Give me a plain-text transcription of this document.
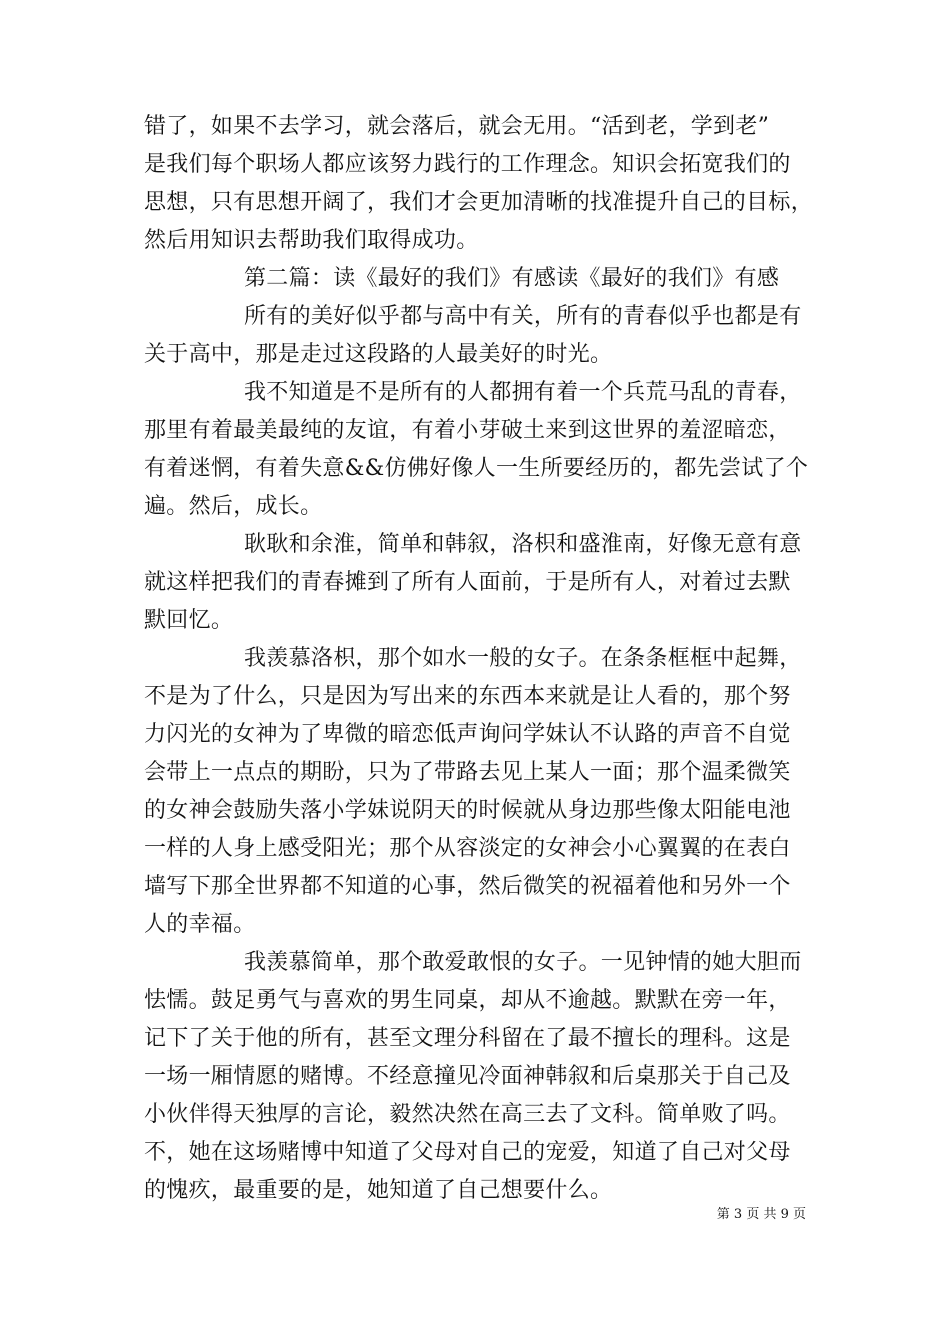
错了，如果不去学习，就会落后，就会无用。“活到老，学到老”
是我们每个职场人都应该努力践行的工作理念。知识会拓宽我们的
思想，只有思想开阔了，我们才会更加清晰的找准提升自己的目标，
然后用知识去帮助我们取得成功。
第二篇：读《最好的我们》有感读《最好的我们》有感
所有的美好似乎都与高中有关，所有的青春似乎也都是有
关于高中，那是走过这段路的人最美好的时光。
我不知道是不是所有的人都拥有着一个兵荒马乱的青春，
那里有着最美最纯的友谊，有着小芽破土来到这世界的羞涩暗恋，
有着迷惘，有着失意&&仿佛好像人一生所要经历的，都先尝试了个
遍。然后，成长。
耿耿和余淮，简单和韩叙，洛枳和盛淮南，好像无意有意
就这样把我们的青春摊到了所有人面前，于是所有人，对着过去默
默回忆。
我羡慕洛枳，那个如水一般的女子。在条条框框中起舞，
不是为了什么，只是因为写出来的东西本来就是让人看的，那个努
力闪光的女神为了卑微的暗恋低声询问学妹认不认路的声音不自觉
会带上一点点的期盼，只为了带路去见上某人一面；那个温柔微笑
的女神会鼓励失落小学妹说阴天的时候就从身边那些像太阳能电池
一样的人身上感受阳光；那个从容淡定的女神会小心翼翼的在表白
墙写下那全世界都不知道的心事，然后微笑的祝福着他和另外一个
人的幸福。
我羡慕简单，那个敢爱敢恨的女子。一见钟情的她大胆而
怯懦。鼓足勇气与喜欢的男生同桌，却从不逾越。默默在旁一年，
记下了关于他的所有，甚至文理分科留在了最不擅长的理科。这是
一场一厢情愿的赌博。不经意撞见冷面神韩叙和后桌那关于自己及
小伙伴得天独厚的言论，毅然决然在高三去了文科。简单败了吗。
不，她在这场赌博中知道了父母对自己的宠爱，知道了自己对父母
的愧疚，最重要的是，她知道了自己想要什么。
第 3 页 共 9 页
